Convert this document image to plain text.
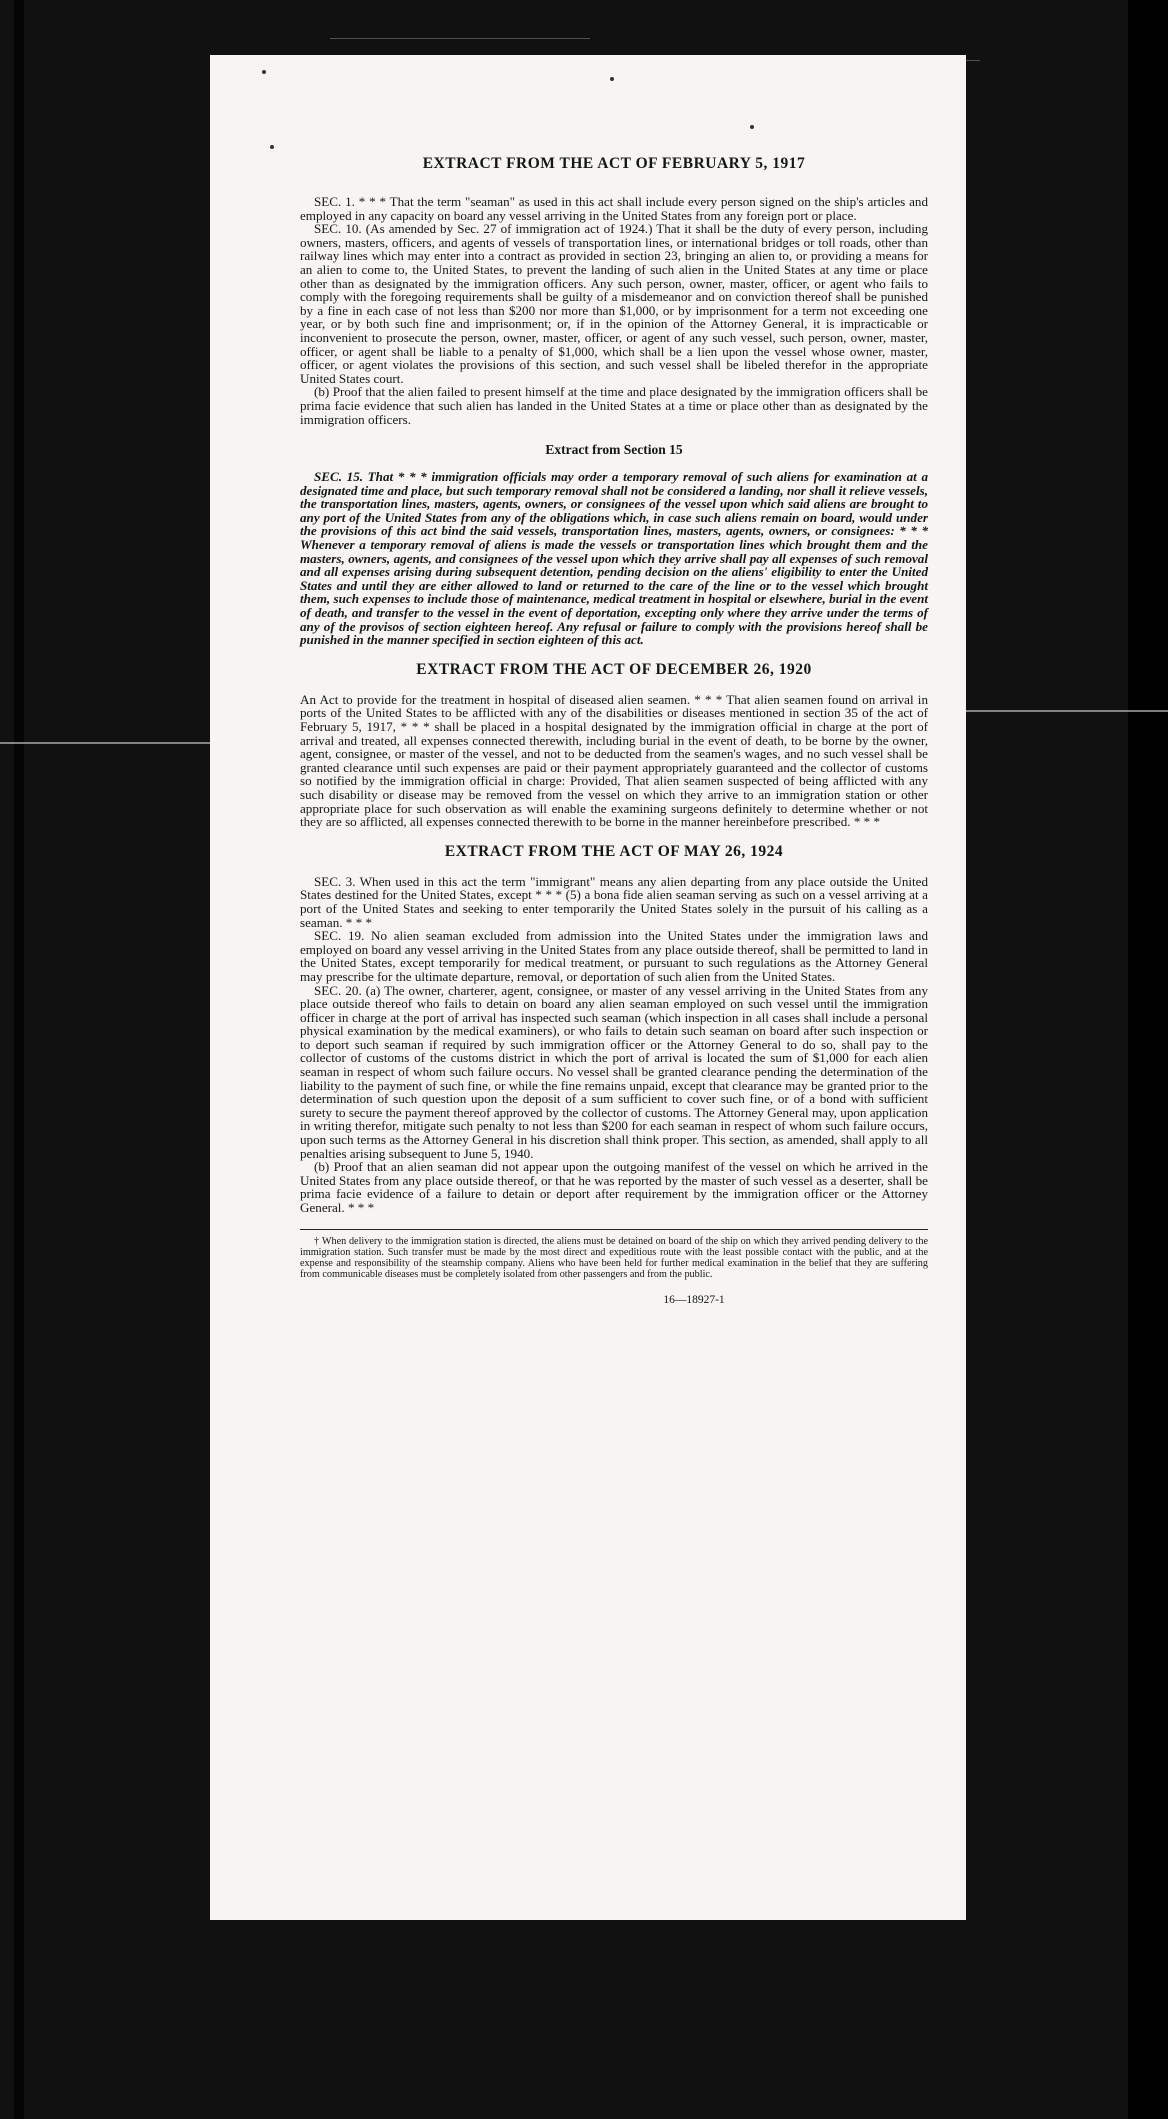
EXTRACT FROM THE ACT OF FEBRUARY 5, 1917

SEC. 1. * * * That the term "seaman" as used in this act shall include every person signed on the ship's articles and employed in any capacity on board any vessel arriving in the United States from any foreign port or place.

SEC. 10. (As amended by Sec. 27 of immigration act of 1924.) That it shall be the duty of every person, including owners, masters, officers, and agents of vessels of transportation lines, or international bridges or toll roads, other than railway lines which may enter into a contract as provided in section 23, bringing an alien to, or providing a means for an alien to come to, the United States, to prevent the landing of such alien in the United States at any time or place other than as designated by the immigration officers. Any such person, owner, master, officer, or agent who fails to comply with the foregoing requirements shall be guilty of a misdemeanor and on conviction thereof shall be punished by a fine in each case of not less than $200 nor more than $1,000, or by imprisonment for a term not exceeding one year, or by both such fine and imprisonment; or, if in the opinion of the Attorney General, it is impracticable or inconvenient to prosecute the person, owner, master, officer, or agent of any such vessel, such person, owner, master, officer, or agent shall be liable to a penalty of $1,000, which shall be a lien upon the vessel whose owner, master, officer, or agent violates the provisions of this section, and such vessel shall be libeled therefor in the appropriate United States court.

(b) Proof that the alien failed to present himself at the time and place designated by the immigration officers shall be prima facie evidence that such alien has landed in the United States at a time or place other than as designated by the immigration officers.

Extract from Section 15

SEC. 15. That * * * immigration officials may order a temporary removal of such aliens for examination at a designated time and place, but such temporary removal shall not be considered a landing, nor shall it relieve vessels, the transportation lines, masters, agents, owners, or consignees of the vessel upon which said aliens are brought to any port of the United States from any of the obligations which, in case such aliens remain on board, would under the provisions of this act bind the said vessels, transportation lines, masters, agents, owners, or consignees: * * * Whenever a temporary removal of aliens is made the vessels or transportation lines which brought them and the masters, owners, agents, and consignees of the vessel upon which they arrive shall pay all expenses of such removal and all expenses arising during subsequent detention, pending decision on the aliens' eligibility to enter the United States and until they are either allowed to land or returned to the care of the line or to the vessel which brought them, such expenses to include those of maintenance, medical treatment in hospital or elsewhere, burial in the event of death, and transfer to the vessel in the event of deportation, excepting only where they arrive under the terms of any of the provisos of section eighteen hereof. Any refusal or failure to comply with the provisions hereof shall be punished in the manner specified in section eighteen of this act.

EXTRACT FROM THE ACT OF DECEMBER 26, 1920

An Act to provide for the treatment in hospital of diseased alien seamen. * * * That alien seamen found on arrival in ports of the United States to be afflicted with any of the disabilities or diseases mentioned in section 35 of the act of February 5, 1917, * * * shall be placed in a hospital designated by the immigration official in charge at the port of arrival and treated, all expenses connected therewith, including burial in the event of death, to be borne by the owner, agent, consignee, or master of the vessel, and not to be deducted from the seamen's wages, and no such vessel shall be granted clearance until such expenses are paid or their payment appropriately guaranteed and the collector of customs so notified by the immigration official in charge: Provided, That alien seamen suspected of being afflicted with any such disability or disease may be removed from the vessel on which they arrive to an immigration station or other appropriate place for such observation as will enable the examining surgeons definitely to determine whether or not they are so afflicted, all expenses connected therewith to be borne in the manner hereinbefore prescribed. * * *

EXTRACT FROM THE ACT OF MAY 26, 1924

SEC. 3. When used in this act the term "immigrant" means any alien departing from any place outside the United States destined for the United States, except * * * (5) a bona fide alien seaman serving as such on a vessel arriving at a port of the United States and seeking to enter temporarily the United States solely in the pursuit of his calling as a seaman. * * *

SEC. 19. No alien seaman excluded from admission into the United States under the immigration laws and employed on board any vessel arriving in the United States from any place outside thereof, shall be permitted to land in the United States, except temporarily for medical treatment, or pursuant to such regulations as the Attorney General may prescribe for the ultimate departure, removal, or deportation of such alien from the United States.

SEC. 20. (a) The owner, charterer, agent, consignee, or master of any vessel arriving in the United States from any place outside thereof who fails to detain on board any alien seaman employed on such vessel until the immigration officer in charge at the port of arrival has inspected such seaman (which inspection in all cases shall include a personal physical examination by the medical examiners), or who fails to detain such seaman on board after such inspection or to deport such seaman if required by such immigration officer or the Attorney General to do so, shall pay to the collector of customs of the customs district in which the port of arrival is located the sum of $1,000 for each alien seaman in respect of whom such failure occurs. No vessel shall be granted clearance pending the determination of the liability to the payment of such fine, or while the fine remains unpaid, except that clearance may be granted prior to the determination of such question upon the deposit of a sum sufficient to cover such fine, or of a bond with sufficient surety to secure the payment thereof approved by the collector of customs. The Attorney General may, upon application in writing therefor, mitigate such penalty to not less than $200 for each seaman in respect of whom such failure occurs, upon such terms as the Attorney General in his discretion shall think proper. This section, as amended, shall apply to all penalties arising subsequent to June 5, 1940.

(b) Proof that an alien seaman did not appear upon the outgoing manifest of the vessel on which he arrived in the United States from any place outside thereof, or that he was reported by the master of such vessel as a deserter, shall be prima facie evidence of a failure to detain or deport after requirement by the immigration officer or the Attorney General. * * *

† When delivery to the immigration station is directed, the aliens must be detained on board of the ship on which they arrived pending delivery to the immigration station. Such transfer must be made by the most direct and expeditious route with the least possible contact with the public, and at the expense and responsibility of the steamship company. Aliens who have been held for further medical examination in the belief that they are suffering from communicable diseases must be completely isolated from other passengers and from the public.

16—18927-1
